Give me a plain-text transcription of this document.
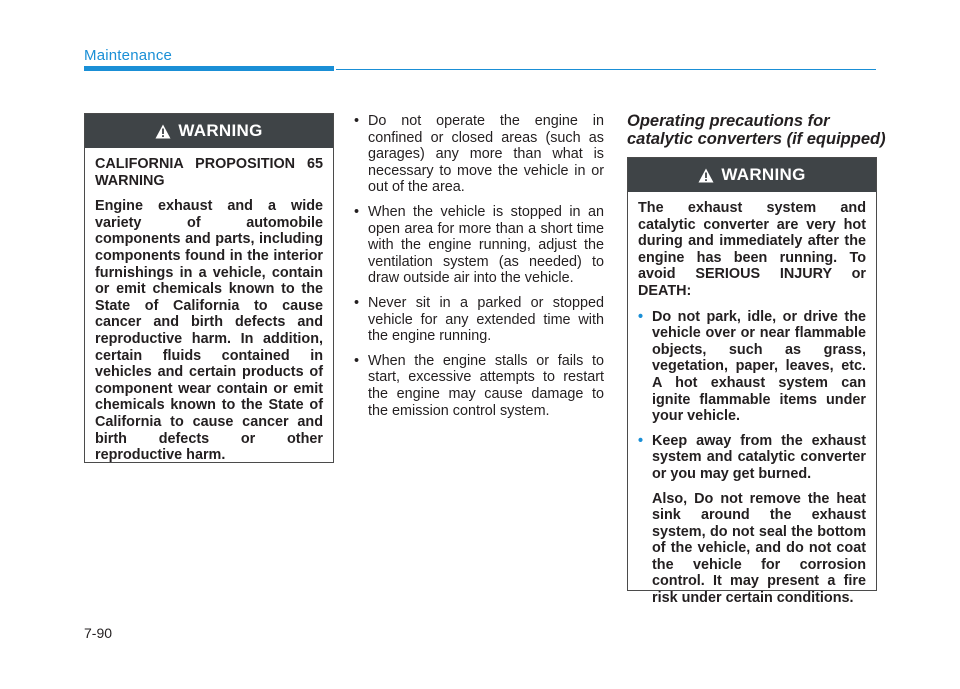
Maintenance
WARNING

CALIFORNIA PROPOSITION 65 WARNING

Engine exhaust and a wide variety of automobile components and parts, including components found in the interior furnishings in a vehicle, contain or emit chemicals known to the State of California to cause cancer and birth defects and reproductive harm. In addition, certain fluids contained in vehicles and certain products of component wear contain or emit chemicals known to the State of California to cause cancer and birth defects or other reproductive harm.

• Do not operate the engine in confined or closed areas (such as garages) any more than what is necessary to move the vehicle in or out of the area.
• When the vehicle is stopped in an open area for more than a short time with the engine running, adjust the ventilation system (as needed) to draw outside air into the vehicle.
• Never sit in a parked or stopped vehicle for any extended time with the engine running.
• When the engine stalls or fails to start, excessive attempts to restart the engine may cause damage to the emission control system.
Operating precautions for catalytic converters (if equipped)
WARNING

The exhaust system and catalytic converter are very hot during and immediately after the engine has been running. To avoid SERIOUS INJURY or DEATH:

• Do not park, idle, or drive the vehicle over or near flammable objects, such as grass, vegetation, paper, leaves, etc. A hot exhaust system can ignite flammable items under your vehicle.
• Keep away from the exhaust system and catalytic converter or you may get burned.
Also, Do not remove the heat sink around the exhaust system, do not seal the bottom of the vehicle, and do not coat the vehicle for corrosion control. It may present a fire risk under certain conditions.
7-90
